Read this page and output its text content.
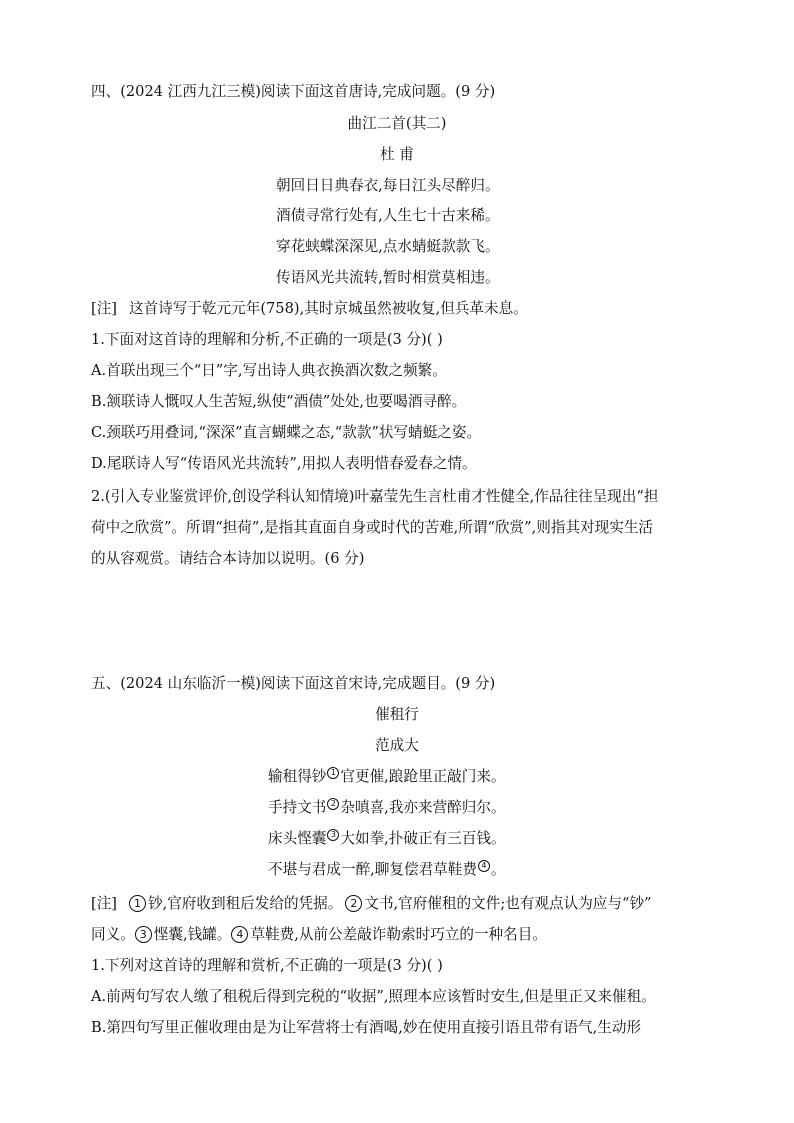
四、(2024 江西九江三模)阅读下面这首唐诗,完成问题。(9 分)
曲江二首(其二)
杜 甫
朝回日日典春衣,每日江头尽醉归。
酒债寻常行处有,人生七十古来稀。
穿花蛱蝶深深见,点水蜻蜓款款飞。
传语风光共流转,暂时相赏莫相违。
[注] 这首诗写于乾元元年(758),其时京城虽然被收复,但兵革未息。
1.下面对这首诗的理解和分析,不正确的一项是(3 分)( )
A.首联出现三个“日”字,写出诗人典衣换酒次数之频繁。
B.颔联诗人慨叹人生苦短,纵使“酒债”处处,也要喝酒寻醉。
C.颈联巧用叠词,“深深”直言蝴蝶之态,“款款”状写蜻蜓之姿。
D.尾联诗人写“传语风光共流转”,用拟人表明惜春爱春之情。
2.(引入专业鉴赏评价,创设学科认知情境)叶嘉莹先生言杜甫才性健全,作品往往呈现出“担
荷中之欣赏”。所谓“担荷”,是指其直面自身或时代的苦难,所谓“欣赏”,则指其对现实生活
的从容观赏。请结合本诗加以说明。(6 分)
五、(2024 山东临沂一模)阅读下面这首宋诗,完成题目。(9 分)
催租行
范成大
输租得钞 1 官更催,踉跄里正敲门来。
手持文书 2 杂嗔喜,我亦来营醉归尔。
床头悭囊 3 大如拳,扑破正有三百钱。
不堪与君成一醉,聊复偿君草鞋费 4 。
[注] 1 钞,官府收到租后发给的凭据。 2 文书,官府催租的文件;也有观点认为应与“钞”
同义。 3 悭囊,钱罐。 4 草鞋费,从前公差敲诈勒索时巧立的一种名目。
1.下列对这首诗的理解和赏析,不正确的一项是(3 分)( )
A.前两句写农人缴了租税后得到完税的“收据”,照理本应该暂时安生,但是里正又来催租。
B.第四句写里正催收理由是为让军营将士有酒喝,妙在使用直接引语且带有语气,生动形
